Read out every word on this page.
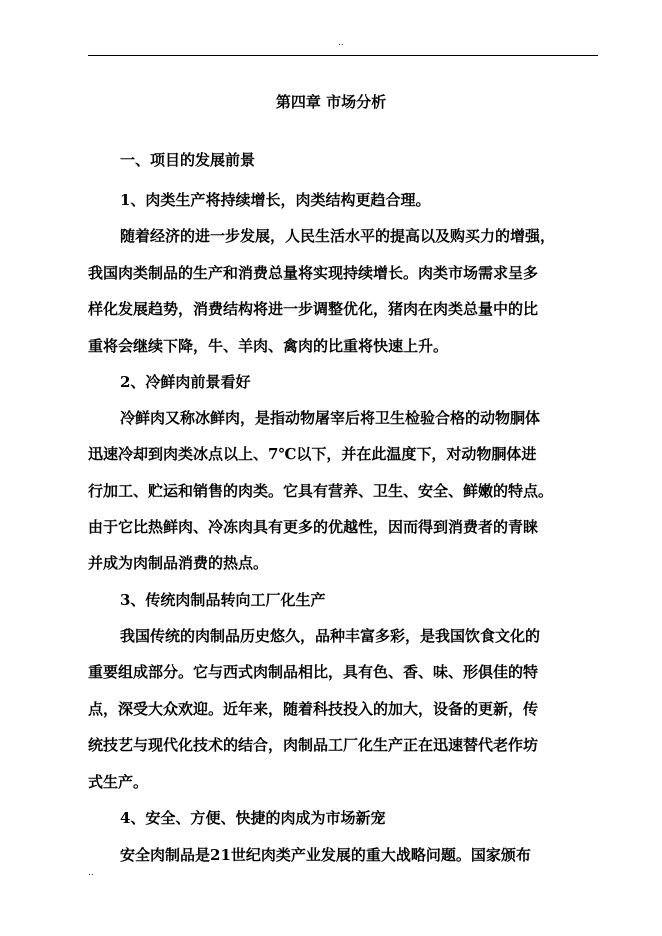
..
第四章 市场分析
一、项目的发展前景
1、肉类生产将持续增长，肉类结构更趋合理。
随着经济的进一步发展，人民生活水平的提高以及购买力的增强，
我国肉类制品的生产和消费总量将实现持续增长。肉类市场需求呈多
样化发展趋势，消费结构将进一步调整优化，猪肉在肉类总量中的比
重将会继续下降，牛、羊肉、禽肉的比重将快速上升。
2、冷鲜肉前景看好
冷鲜肉又称冰鲜肉，是指动物屠宰后将卫生检验合格的动物胴体
迅速冷却到肉类冰点以上、7℃以下，并在此温度下，对动物胴体进
行加工、贮运和销售的肉类。它具有营养、卫生、安全、鲜嫩的特点。
由于它比热鲜肉、冷冻肉具有更多的优越性，因而得到消费者的青睐
并成为肉制品消费的热点。
3、传统肉制品转向工厂化生产
我国传统的肉制品历史悠久，品种丰富多彩，是我国饮食文化的
重要组成部分。它与西式肉制品相比，具有色、香、味、形俱佳的特
点，深受大众欢迎。近年来，随着科技投入的加大，设备的更新，传
统技艺与现代化技术的结合，肉制品工厂化生产正在迅速替代老作坊
式生产。
4、安全、方便、快捷的肉成为市场新宠
安全肉制品是21世纪肉类产业发展的重大战略问题。国家颁布
..
